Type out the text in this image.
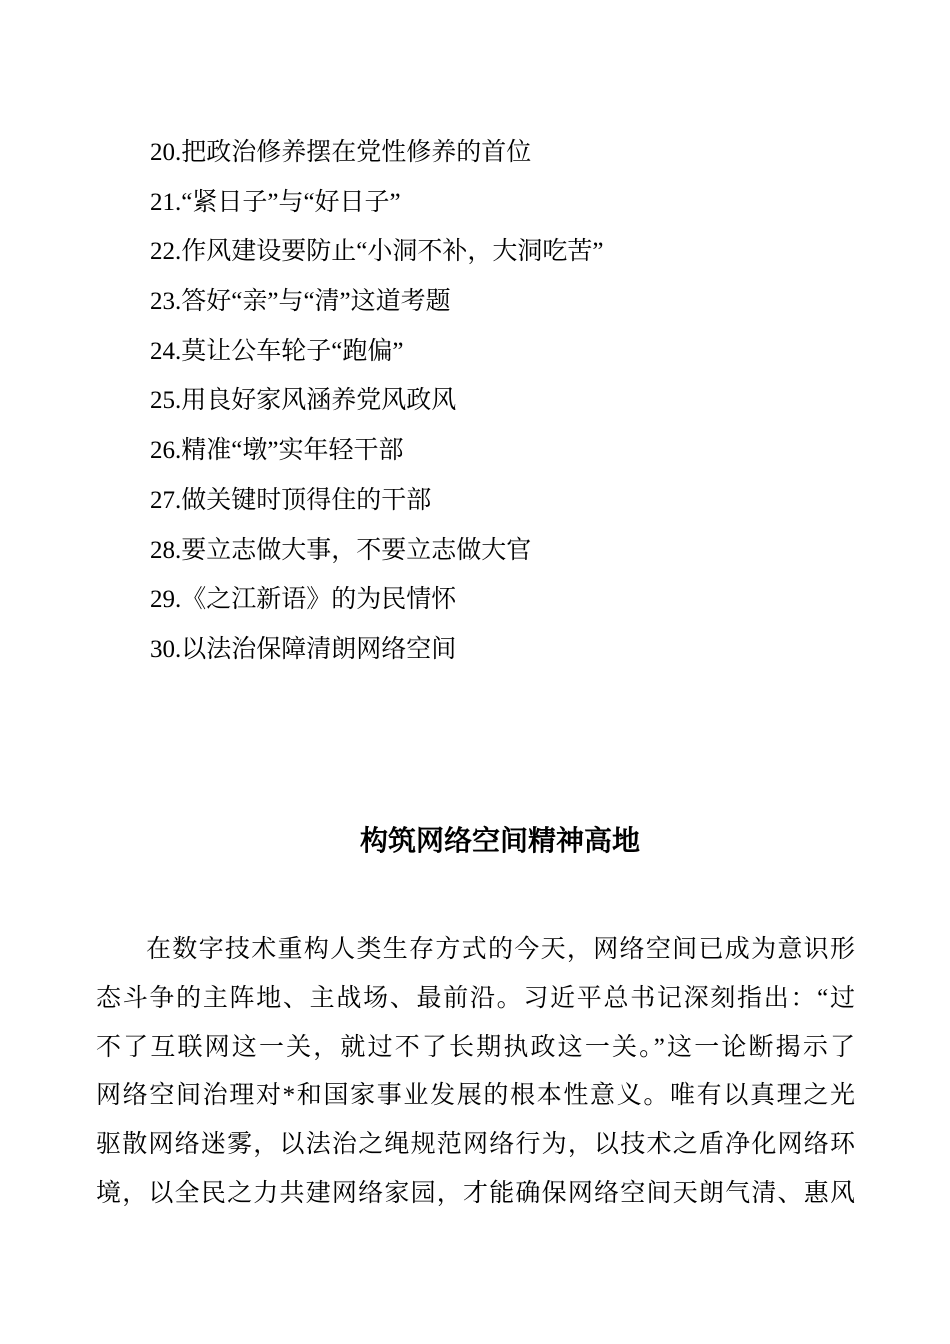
20.把政治修养摆在党性修养的首位
21.“紧日子”与“好日子”
22.作风建设要防止“小洞不补，大洞吃苦”
23.答好“亲”与“清”这道考题
24.莫让公车轮子“跑偏”
25.用良好家风涵养党风政风
26.精准“墩”实年轻干部
27.做关键时顶得住的干部
28.要立志做大事，不要立志做大官
29.《之江新语》的为民情怀
30.以法治保障清朗网络空间
构筑网络空间精神高地
在数字技术重构人类生存方式的今天，网络空间已成为意识形
态斗争的主阵地、主战场、最前沿。习近平总书记深刻指出：“过
不了互联网这一关，就过不了长期执政这一关。”这一论断揭示了
网络空间治理对*和国家事业发展的根本性意义。唯有以真理之光
驱散网络迷雾，以法治之绳规范网络行为，以技术之盾净化网络环
境，以全民之力共建网络家园，才能确保网络空间天朗气清、惠风
